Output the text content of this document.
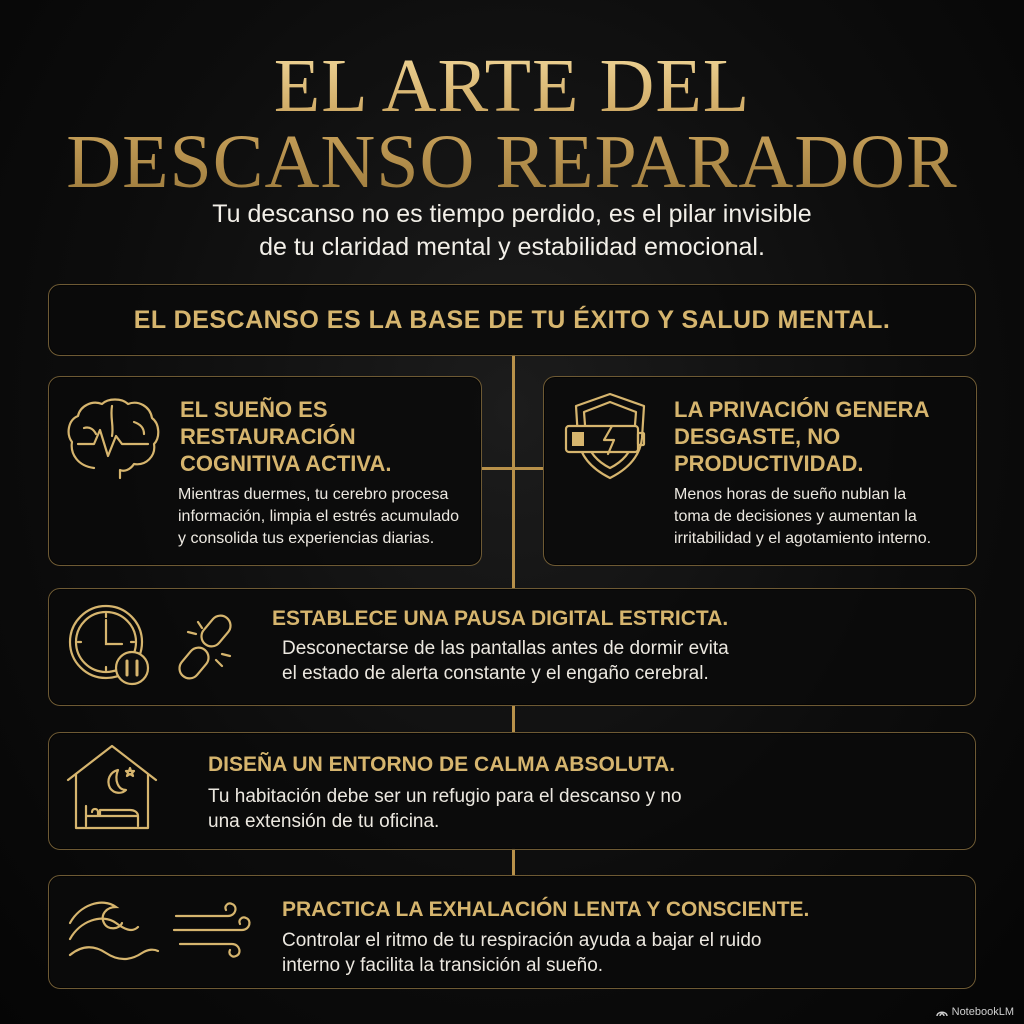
EL ARTE DEL
DESCANSO REPARADOR
Tu descanso no es tiempo perdido, es el pilar invisible
de tu claridad mental y estabilidad emocional.
EL DESCANSO ES LA BASE DE TU ÉXITO Y SALUD MENTAL.
EL SUEÑO ES
RESTAURACIÓN
COGNITIVA ACTIVA.
Mientras duermes, tu cerebro procesa
información, limpia el estrés acumulado
y consolida tus experiencias diarias.
LA PRIVACIÓN GENERA
DESGASTE, NO
PRODUCTIVIDAD.
Menos horas de sueño nublan la
toma de decisiones y aumentan la
irritabilidad y el agotamiento interno.
ESTABLECE UNA PAUSA DIGITAL ESTRICTA.
Desconectarse de las pantallas antes de dormir evita
el estado de alerta constante y el engaño cerebral.
DISEÑA UN ENTORNO DE CALMA ABSOLUTA.
Tu habitación debe ser un refugio para el descanso y no
una extensión de tu oficina.
PRACTICA LA EXHALACIÓN LENTA Y CONSCIENTE.
Controlar el ritmo de tu respiración ayuda a bajar el ruido
interno y facilita la transición al sueño.
NotebookLM
